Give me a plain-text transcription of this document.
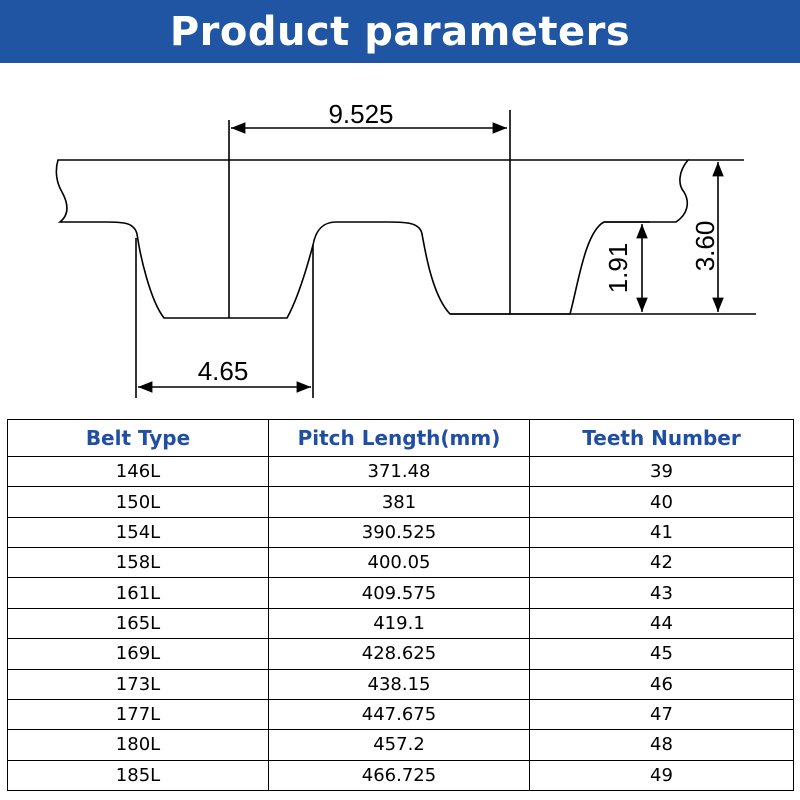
Product parameters
9.525
4.65
1.91 3.60
Belt Type	Pitch Length(mm)	Teeth Number
146L	371.48	39
150L	381	40
154L	390.525	41
158L	400.05	42
161L	409.575	43
165L	419.1	44
169L	428.625	45
173L	438.15	46
177L	447.675	47
180L	457.2	48
185L	466.725	49
